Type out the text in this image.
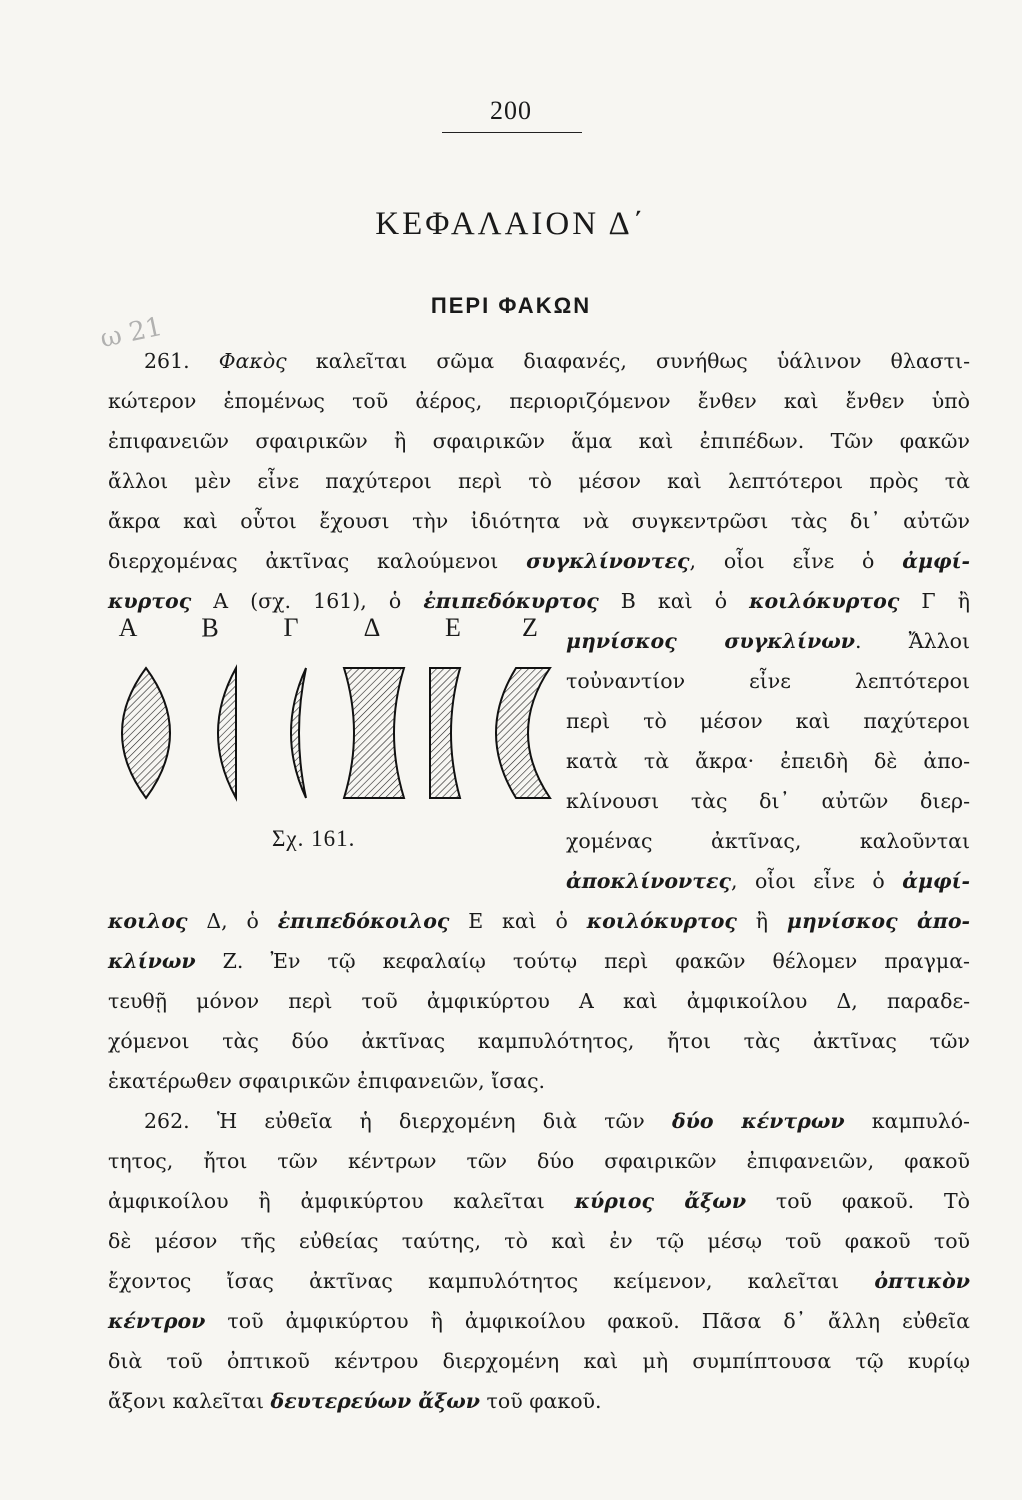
200
ΚΕΦΑΛΑΙΟΝ Δ΄
ΠΕΡΙ ΦΑΚΩΝ
ω 21
261. Φακὸς καλεῖται σῶμα διαφανές, συνήθως ὑάλινον θλαστι-
κώτερον ἑπομένως τοῦ ἀέρος, περιοριζόμενον ἔνθεν καὶ ἔνθεν ὑπὸ
ἐπιφανειῶν σφαιρικῶν ἢ σφαιρικῶν ἅμα καὶ ἐπιπέδων. Τῶν φακῶν
ἄλλοι μὲν εἶνε παχύτεροι περὶ τὸ μέσον καὶ λεπτότεροι πρὸς τὰ
ἄκρα καὶ οὗτοι ἔχουσι τὴν ἰδιότητα νὰ συγκεντρῶσι τὰς δι᾽ αὐτῶν
διερχομένας ἀκτῖνας καλούμενοι συγκλίνοντες, οἷοι εἶνε ὁ ἀμφί-
κυρτος Α (σχ. 161), ὁ ἐπιπεδόκυρτος Β καὶ ὁ κοιλόκυρτος Γ ἢ
μηνίσκος συγκλίνων. Ἄλλοι
τοὐναντίον εἶνε λεπτότεροι
περὶ τὸ μέσον καὶ παχύτεροι
κατὰ τὰ ἄκρα· ἐπειδὴ δὲ ἀπο-
κλίνουσι τὰς δι᾽ αὐτῶν διερ-
χομένας ἀκτῖνας, καλοῦνται
ἀποκλίνοντες, οἷοι εἶνε ὁ ἀμφί-
Α	Β	Γ	Δ	Ε	Ζ
Σχ. 161.
κοιλος Δ, ὁ ἐπιπεδόκοιλος Ε καὶ ὁ κοιλόκυρτος ἢ μηνίσκος ἀπο-
κλίνων Ζ. Ἐν τῷ κεφαλαίῳ τούτῳ περὶ φακῶν θέλομεν πραγμα-
τευθῇ μόνον περὶ τοῦ ἀμφικύρτου Α καὶ ἀμφικοίλου Δ, παραδε-
χόμενοι τὰς δύο ἀκτῖνας καμπυλότητος, ἤτοι τὰς ἀκτῖνας τῶν
ἑκατέρωθεν σφαιρικῶν ἐπιφανειῶν, ἴσας.
262. Ἡ εὐθεῖα ἡ διερχομένη διὰ τῶν δύο κέντρων καμπυλό-
τητος, ἤτοι τῶν κέντρων τῶν δύο σφαιρικῶν ἐπιφανειῶν, φακοῦ
ἀμφικοίλου ἢ ἀμφικύρτου καλεῖται κύριος ἄξων τοῦ φακοῦ. Τὸ
δὲ μέσον τῆς εὐθείας ταύτης, τὸ καὶ ἐν τῷ μέσῳ τοῦ φακοῦ τοῦ
ἔχοντος ἴσας ἀκτῖνας καμπυλότητος κείμενον, καλεῖται ὀπτικὸν
κέντρον τοῦ ἀμφικύρτου ἢ ἀμφικοίλου φακοῦ. Πᾶσα δ᾽ ἄλλη εὐθεῖα
διὰ τοῦ ὀπτικοῦ κέντρου διερχομένη καὶ μὴ συμπίπτουσα τῷ κυρίῳ
ἄξονι καλεῖται δευτερεύων ἄξων τοῦ φακοῦ.
